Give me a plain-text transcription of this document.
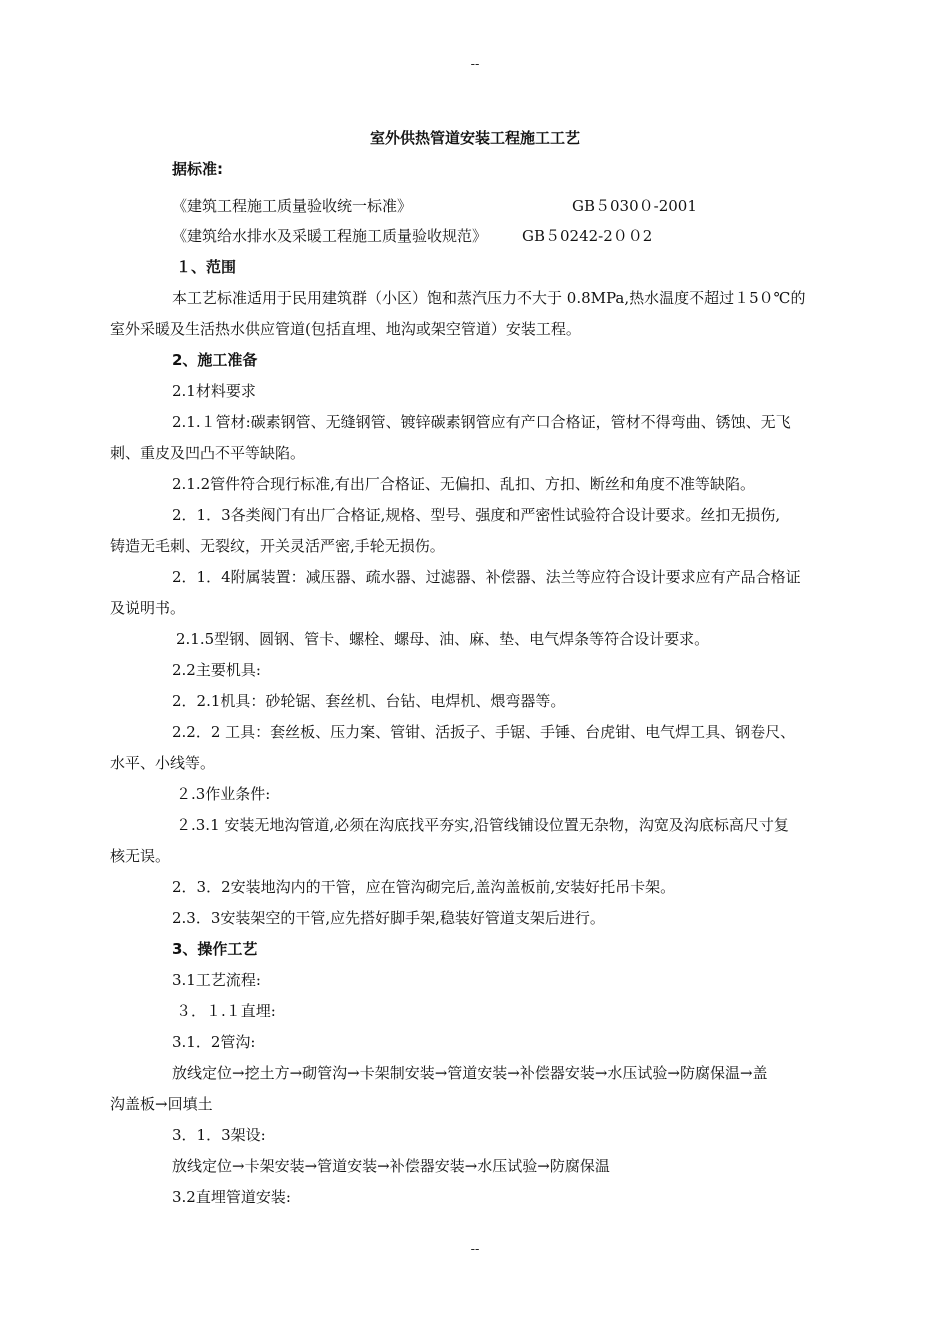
--
室外供热管道安装工程施工工艺
据标准:
《建筑工程施工质量验收统一标准》	GB５030０-2001
《建筑给水排水及采暖工程施工质量验收规范》 GB５0242-2００2
１、范围
本工艺标准适用于民用建筑群（小区）饱和蒸汽压力不大于 0.8MPa,热水温度不超过１5０℃的
室外采暖及生活热水供应管道(包括直埋、地沟或架空管道）安装工程。
2、施工准备
2.1材料要求
2.1.１管材:碳素钢管、无缝钢管、镀锌碳素钢管应有产口合格证，管材不得弯曲、锈蚀、无飞
刺、重皮及凹凸不平等缺陷。
2.1.2管件符合现行标准,有出厂合格证、无偏扣、乱扣、方扣、断丝和角度不准等缺陷。
2．1．3各类阀门有出厂合格证,规格、型号、强度和严密性试验符合设计要求。丝扣无损伤,
铸造无毛刺、无裂纹，开关灵活严密,手轮无损伤。
2．1．4附属装置：减压器、疏水器、过滤器、补偿器、法兰等应符合设计要求应有产品合格证
及说明书。
2.1.5型钢、圆钢、管卡、螺栓、螺母、油、麻、垫、电气焊条等符合设计要求。
2.2主要机具:
2．2.1机具：砂轮锯、套丝机、台钻、电焊机、煨弯器等。
2.2．2 工具：套丝板、压力案、管钳、活扳子、手锯、手锤、台虎钳、电气焊工具、钢卷尺、
水平、小线等。
２.3作业条件:
２.3.1 安装无地沟管道,必须在沟底找平夯实,沿管线铺设位置无杂物，沟宽及沟底标高尺寸复
核无误。
2．3．2安装地沟内的干管，应在管沟砌完后,盖沟盖板前,安装好托吊卡架。
2.3．3安装架空的干管,应先搭好脚手架,稳装好管道支架后进行。
3、操作工艺
3.1工艺流程:
３．１.１直埋:
3.1．2管沟:
放线定位→挖土方→砌管沟→卡架制安装→管道安装→补偿器安装→水压试验→防腐保温→盖
沟盖板→回填土
3．1．3架设:
放线定位→卡架安装→管道安装→补偿器安装→水压试验→防腐保温
3.2直埋管道安装:
--
